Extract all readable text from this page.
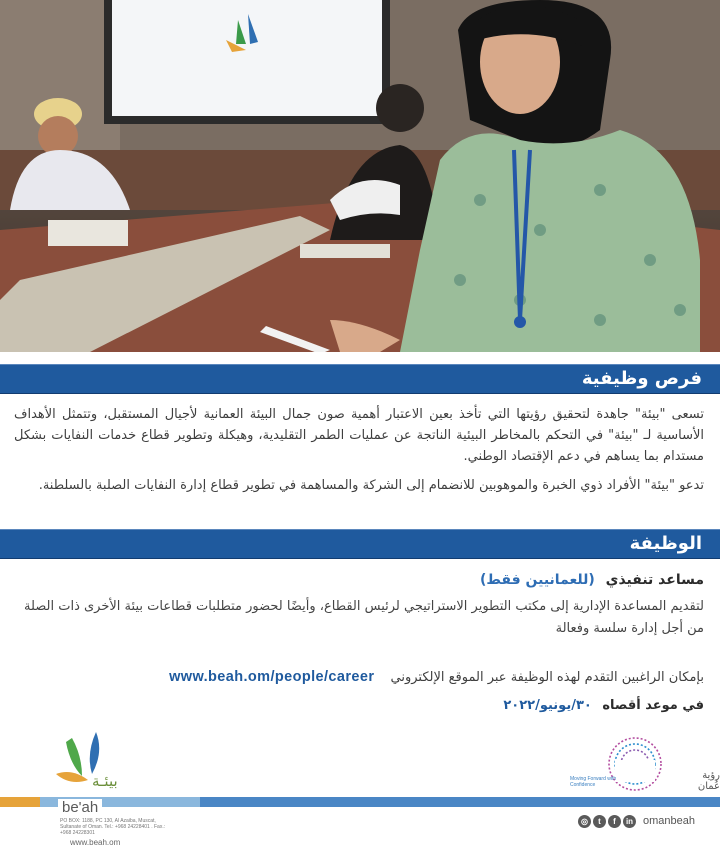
فرص وظيفية

تسعى "بيئة" جاهدة لتحقيق رؤيتها التي تأخذ بعين الاعتبار أهمية صون جمال البيئة العمانية لأجيال المستقبل، وتتمثل الأهداف الأساسية لـ "بيئة" في التحكم بالمخاطر البيئية الناتجة عن عمليات الطمر التقليدية، وهيكلة وتطوير قطاع خدمات النفايات بشكل مستدام بما يساهم في دعم الإقتصاد الوطني.

تدعو "بيئة" الأفراد ذوي الخبرة والموهوبين للانضمام إلى الشركة والمساهمة في تطوير قطاع إدارة النفايات الصلبة بالسلطنة.

الوظيفة
مساعد تنفيذي (للعمانيين فقط)

لتقديم المساعدة الإدارية إلى مكتب التطوير الاستراتيجي لرئيس القطاع، وأيضًا لحضور متطلبات قطاعات بيئة الأخرى ذات الصلة من أجل إدارة سلسة وفعالة

بإمكان الراغبين التقدم لهذه الوظيفة عبر الموقع الإلكتروني www.beah.om/people/career
في موعد أقصاه ٣٠/يونيو/٢٠٢٢
بيئـة
be'ah
PO BOX: 1188, PC 130, Al Azaiba, Muscat, Sultanate of Oman. Tel.: +968 24228401 . Fax.: +968 24228301
www.beah.om
رؤية عُمان
Moving Forward with Confidence
◎	t	f	in omanbeah
